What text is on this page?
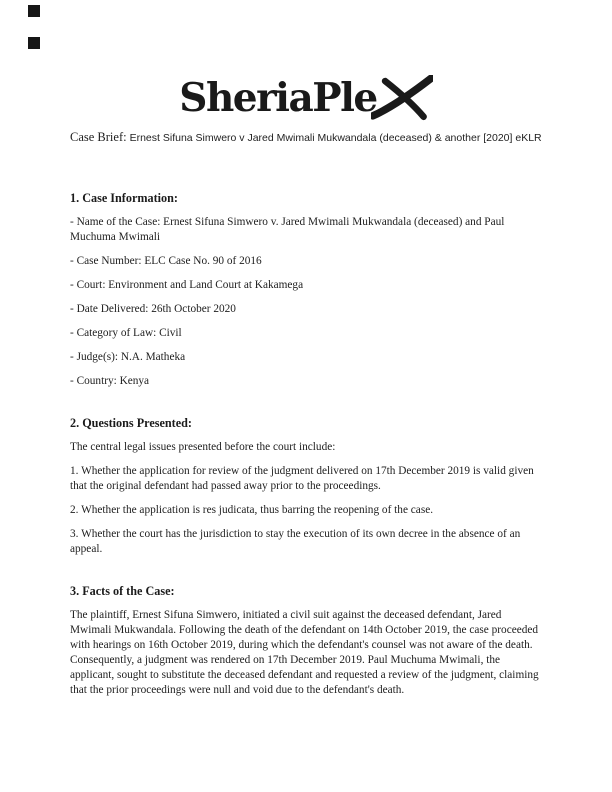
SheriaPle

Case Brief: Ernest Sifuna Simwero v Jared Mwimali Mukwandala (deceased) & another [2020] eKLR

1. Case Information:

- Name of the Case: Ernest Sifuna Simwero v. Jared Mwimali Mukwandala (deceased) and Paul Muchuma Mwimali

- Case Number: ELC Case No. 90 of 2016

- Court: Environment and Land Court at Kakamega

- Date Delivered: 26th October 2020

- Category of Law: Civil

- Judge(s): N.A. Matheka

- Country: Kenya

2. Questions Presented:

The central legal issues presented before the court include:

1. Whether the application for review of the judgment delivered on 17th December 2019 is valid given that the original defendant had passed away prior to the proceedings.

2. Whether the application is res judicata, thus barring the reopening of the case.

3. Whether the court has the jurisdiction to stay the execution of its own decree in the absence of an appeal.

3. Facts of the Case:

The plaintiff, Ernest Sifuna Simwero, initiated a civil suit against the deceased defendant, Jared Mwimali Mukwandala. Following the death of the defendant on 14th October 2019, the case proceeded with hearings on 16th October 2019, during which the defendant's counsel was not aware of the death. Consequently, a judgment was rendered on 17th December 2019. Paul Muchuma Mwimali, the applicant, sought to substitute the deceased defendant and requested a review of the judgment, claiming that the prior proceedings were null and void due to the defendant's death.
